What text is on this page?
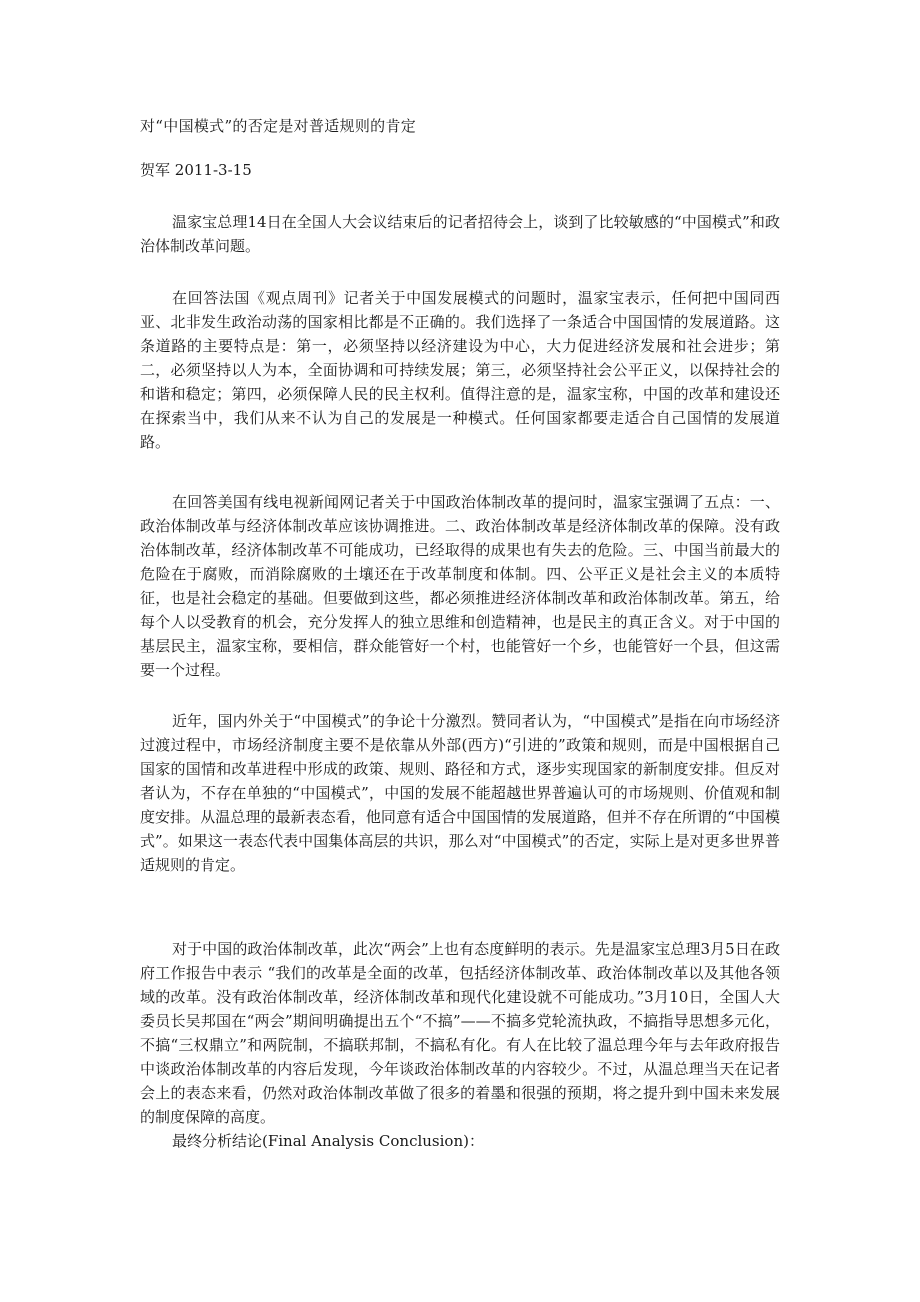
对“中国模式”的否定是对普适规则的肯定
贺军 2011-3-15

温家宝总理14日在全国人大会议结束后的记者招待会上，谈到了比较敏感的“中国模式”和政治体制改革问题。

在回答法国《观点周刊》记者关于中国发展模式的问题时，温家宝表示，任何把中国同西亚、北非发生政治动荡的国家相比都是不正确的。我们选择了一条适合中国国情的发展道路。这条道路的主要特点是：第一，必须坚持以经济建设为中心，大力促进经济发展和社会进步；第二，必须坚持以人为本，全面协调和可持续发展；第三，必须坚持社会公平正义，以保持社会的和谐和稳定；第四，必须保障人民的民主权利。值得注意的是，温家宝称，中国的改革和建设还在探索当中，我们从来不认为自己的发展是一种模式。任何国家都要走适合自己国情的发展道路。

在回答美国有线电视新闻网记者关于中国政治体制改革的提问时，温家宝强调了五点：一、政治体制改革与经济体制改革应该协调推进。二、政治体制改革是经济体制改革的保障。没有政治体制改革，经济体制改革不可能成功，已经取得的成果也有失去的危险。三、中国当前最大的危险在于腐败，而消除腐败的土壤还在于改革制度和体制。四、公平正义是社会主义的本质特征，也是社会稳定的基础。但要做到这些，都必须推进经济体制改革和政治体制改革。第五，给每个人以受教育的机会，充分发挥人的独立思维和创造精神，也是民主的真正含义。对于中国的基层民主，温家宝称，要相信，群众能管好一个村，也能管好一个乡，也能管好一个县，但这需要一个过程。

近年，国内外关于“中国模式”的争论十分激烈。赞同者认为，“中国模式”是指在向市场经济过渡过程中，市场经济制度主要不是依靠从外部(西方)“引进的”政策和规则，而是中国根据自己国家的国情和改革进程中形成的政策、规则、路径和方式，逐步实现国家的新制度安排。但反对者认为，不存在单独的“中国模式”，中国的发展不能超越世界普遍认可的市场规则、价值观和制度安排。从温总理的最新表态看，他同意有适合中国国情的发展道路，但并不存在所谓的“中国模式”。如果这一表态代表中国集体高层的共识，那么对“中国模式”的否定，实际上是对更多世界普适规则的肯定。

对于中国的政治体制改革，此次“两会”上也有态度鲜明的表示。先是温家宝总理3月5日在政府工作报告中表示 “我们的改革是全面的改革，包括经济体制改革、政治体制改革以及其他各领域的改革。没有政治体制改革，经济体制改革和现代化建设就不可能成功。”3月10日，全国人大委员长吴邦国在“两会”期间明确提出五个“不搞”——不搞多党轮流执政，不搞指导思想多元化，不搞“三权鼎立”和两院制，不搞联邦制，不搞私有化。有人在比较了温总理今年与去年政府报告中谈政治体制改革的内容后发现，今年谈政治体制改革的内容较少。不过，从温总理当天在记者会上的表态来看，仍然对政治体制改革做了很多的着墨和很强的预期，将之提升到中国未来发展的制度保障的高度。

最终分析结论(Final Analysis Conclusion)：
